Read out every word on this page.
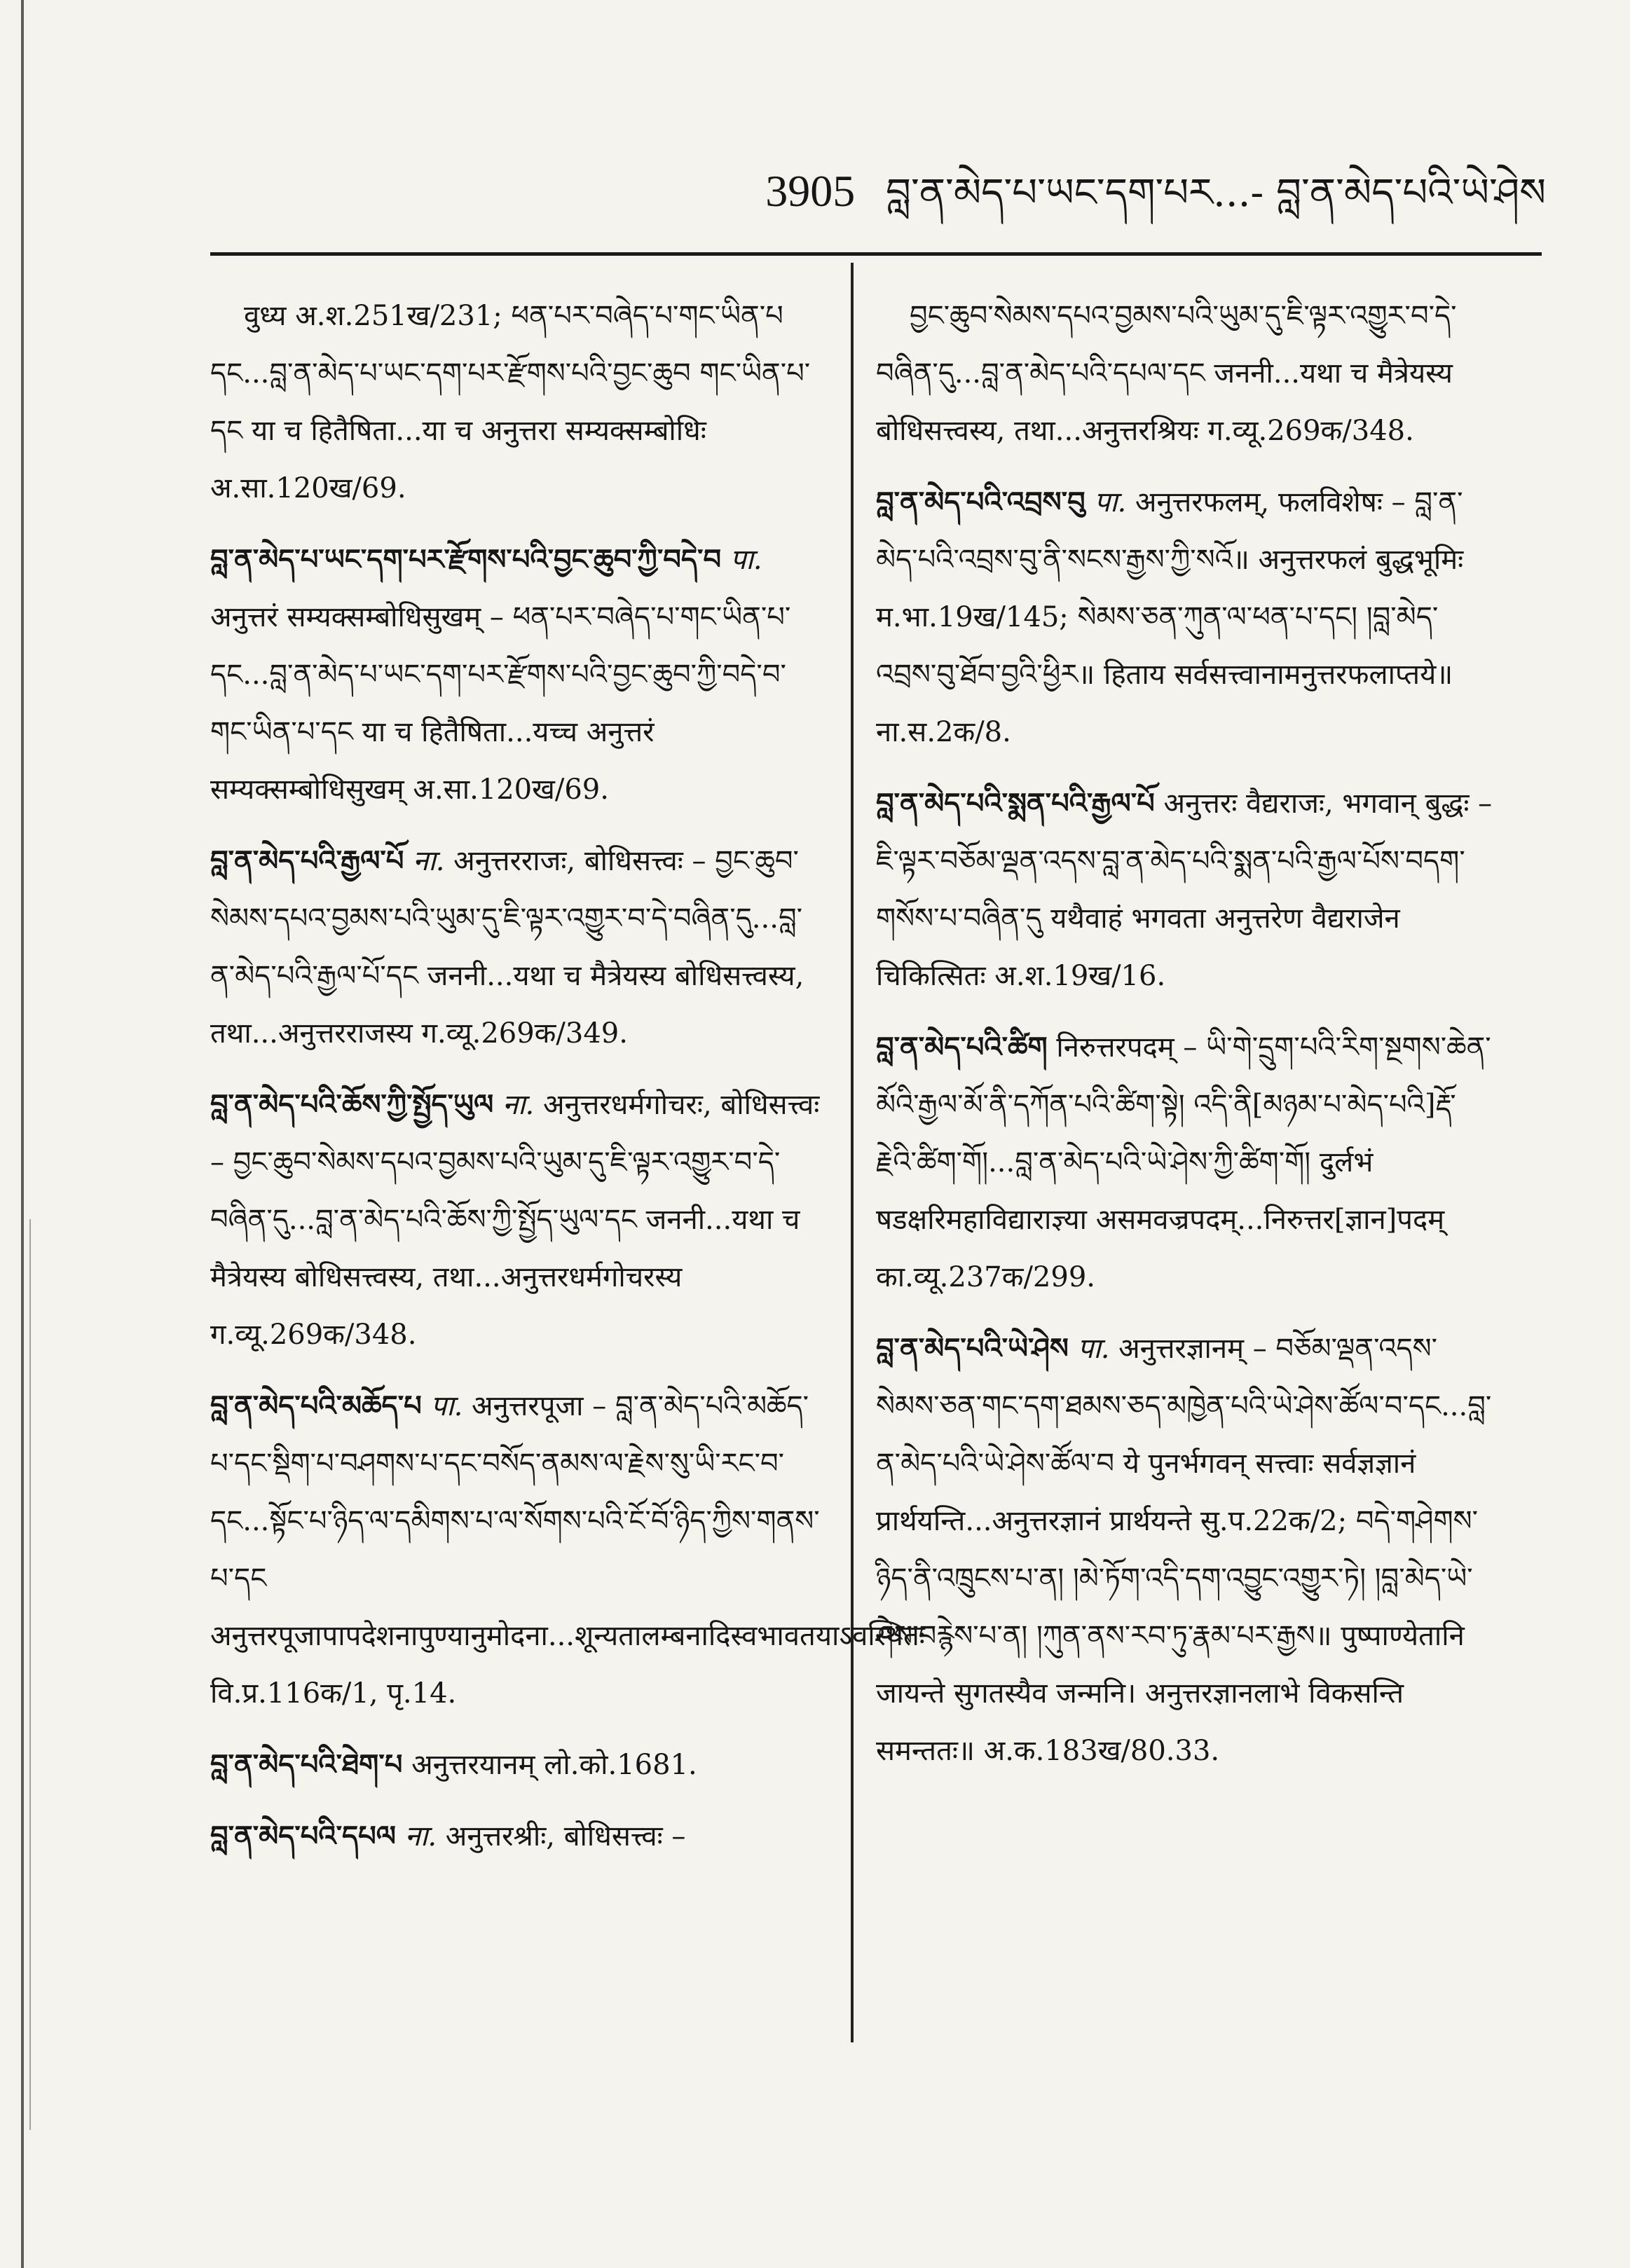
3905 བླ་ན་མེད་པ་ཡང་དག་པར...- བླ་ན་མེད་པའི་ཡེ་ཤེས
वुध्य अ.श.251ख/231; ཕན་པར་བཞེད་པ་གང་ཡིན་པ དང...བླ་ན་མེད་པ་ཡང་དག་པར་རྫོགས་པའི་བྱང་ཆུབ གང་ཡིན་པ་དང या च हितैषिता...या च अनुत्तरा सम्यक्सम्बोधिः अ.सा.120ख/69.
བླ་ན་མེད་པ་ཡང་དག་པར་རྫོགས་པའི་བྱང་ཆུབ་ཀྱི་བདེ་བ पा. अनुत्तरं सम्यक्सम्बोधिसुखम् – ཕན་པར་བཞེད་པ་གང་ཡིན་པ་དང...བླ་ན་མེད་པ་ཡང་དག་པར་རྫོགས་པའི་བྱང་ཆུབ་ཀྱི་བདེ་བ་གང་ཡིན་པ་དང या च हितैषिता...यच्च अनुत्तरं सम्यक्सम्बोधिसुखम् अ.सा.120ख/69.
བླ་ན་མེད་པའི་རྒྱལ་པོ ना. अनुत्तरराजः, बोधिसत्त्वः – བྱང་ཆུབ་སེམས་དཔའ་བྱམས་པའི་ཡུམ་དུ་ཇི་ལྟར་འགྱུར་བ་དེ་བཞིན་དུ...བླ་ན་མེད་པའི་རྒྱལ་པོ་དང जननी...यथा च मैत्रेयस्य बोधिसत्त्वस्य, तथा...अनुत्तरराजस्य ग.व्यू.269क/349.
བླ་ན་མེད་པའི་ཆོས་ཀྱི་སྤྱོད་ཡུལ ना. अनुत्तरधर्मगोचरः, बोधिसत्त्वः – བྱང་ཆུབ་སེམས་དཔའ་བྱམས་པའི་ཡུམ་དུ་ཇི་ལྟར་འགྱུར་བ་དེ་བཞིན་དུ...བླ་ན་མེད་པའི་ཆོས་ཀྱི་སྤྱོད་ཡུལ་དང जननी...यथा च मैत्रेयस्य बोधिसत्त्वस्य, तथा...अनुत्तरधर्मगोचरस्य ग.व्यू.269क/348.
བླ་ན་མེད་པའི་མཆོད་པ पा. अनुत्तरपूजा – བླ་ན་མེད་པའི་མཆོད་པ་དང་སྡིག་པ་བཤགས་པ་དང་བསོད་ནམས་ལ་རྗེས་སུ་ཡི་རང་བ་དང...སྟོང་པ་ཉིད་ལ་དམིགས་པ་ལ་སོགས་པའི་ངོ་བོ་ཉིད་ཀྱིས་གནས་པ་དང अनुत्तरपूजापापदेशनापुण्यानुमोदना...शून्यतालम्बनादिस्वभावतयाऽवस्थितः वि.प्र.116क/1, पृ.14.
བླ་ན་མེད་པའི་ཐེག་པ अनुत्तरयानम् लो.को.1681.
བླ་ན་མེད་པའི་དཔལ ना. अनुत्तरश्रीः, बोधिसत्त्वः –
བྱང་ཆུབ་སེམས་དཔའ་བྱམས་པའི་ཡུམ་དུ་ཇི་ལྟར་འགྱུར་བ་དེ་བཞིན་དུ...བླ་ན་མེད་པའི་དཔལ་དང जननी...यथा च मैत्रेयस्य बोधिसत्त्वस्य, तथा...अनुत्तरश्रियः ग.व्यू.269क/348.
བླ་ན་མེད་པའི་འབྲས་བུ पा. अनुत्तरफलम्, फलविशेषः – བླ་ན་མེད་པའི་འབྲས་བུ་ནི་སངས་རྒྱས་ཀྱི་སའོ॥ अनुत्तरफलं बुद्धभूमिः म.भा.19ख/145; སེམས་ཅན་ཀུན་ལ་ཕན་པ་དང། །བླ་མེད་འབྲས་བུ་ཐོབ་བྱའི་ཕྱིར॥ हिताय सर्वसत्त्वानामनुत्तरफलाप्तये॥ ना.स.2क/8.
བླ་ན་མེད་པའི་སྨན་པའི་རྒྱལ་པོ अनुत्तरः वैद्यराजः, भगवान् बुद्धः – ཇི་ལྟར་བཅོམ་ལྡན་འདས་བླ་ན་མེད་པའི་སྨན་པའི་རྒྱལ་པོས་བདག་གསོས་པ་བཞིན་དུ यथैवाहं भगवता अनुत्तरेण वैद्यराजेन चिकित्सितः अ.श.19ख/16.
བླ་ན་མེད་པའི་ཚིག निरुत्तरपदम् – ཡི་གེ་དྲུག་པའི་རིག་སྔགས་ཆེན་མོའི་རྒྱལ་མོ་ནི་དཀོན་པའི་ཚིག་སྟེ། འདི་ནི[མཉམ་པ་མེད་པའི]རྡོ་རྗེའི་ཚིག་གོ།...བླ་ན་མེད་པའི་ཡེ་ཤེས་ཀྱི་ཚིག་གོ། दुर्लभं षडक्षरिमहाविद्याराज्ञ्या असमवज्रपदम्...निरुत्तर[ज्ञान]पदम् का.व्यू.237क/299.
བླ་ན་མེད་པའི་ཡེ་ཤེས पा. अनुत्तरज्ञानम् – བཅོམ་ལྡན་འདས་སེམས་ཅན་གང་དག་ཐམས་ཅད་མཁྱེན་པའི་ཡེ་ཤེས་ཚོལ་བ་དང...བླ་ན་མེད་པའི་ཡེ་ཤེས་ཚོལ་བ ये पुनर्भगवन् सत्त्वाः सर्वज्ञज्ञानं प्रार्थयन्ति...अनुत्तरज्ञानं प्रार्थयन्ते सु.प.22क/2; བདེ་གཤེགས་ཉིད་ནི་འཁྲུངས་པ་ན། །མེ་ཏོག་འདི་དག་འབྱུང་འགྱུར་ཏེ། །བླ་མེད་ཡེ་ཤེས་བརྙེས་པ་ན། །ཀུན་ནས་རབ་ཏུ་རྣམ་པར་རྒྱས॥ पुष्पाण्येतानि जायन्ते सुगतस्यैव जन्मनि। अनुत्तरज्ञानलाभे विकसन्ति समन्ततः॥ अ.क.183ख/80.33.
